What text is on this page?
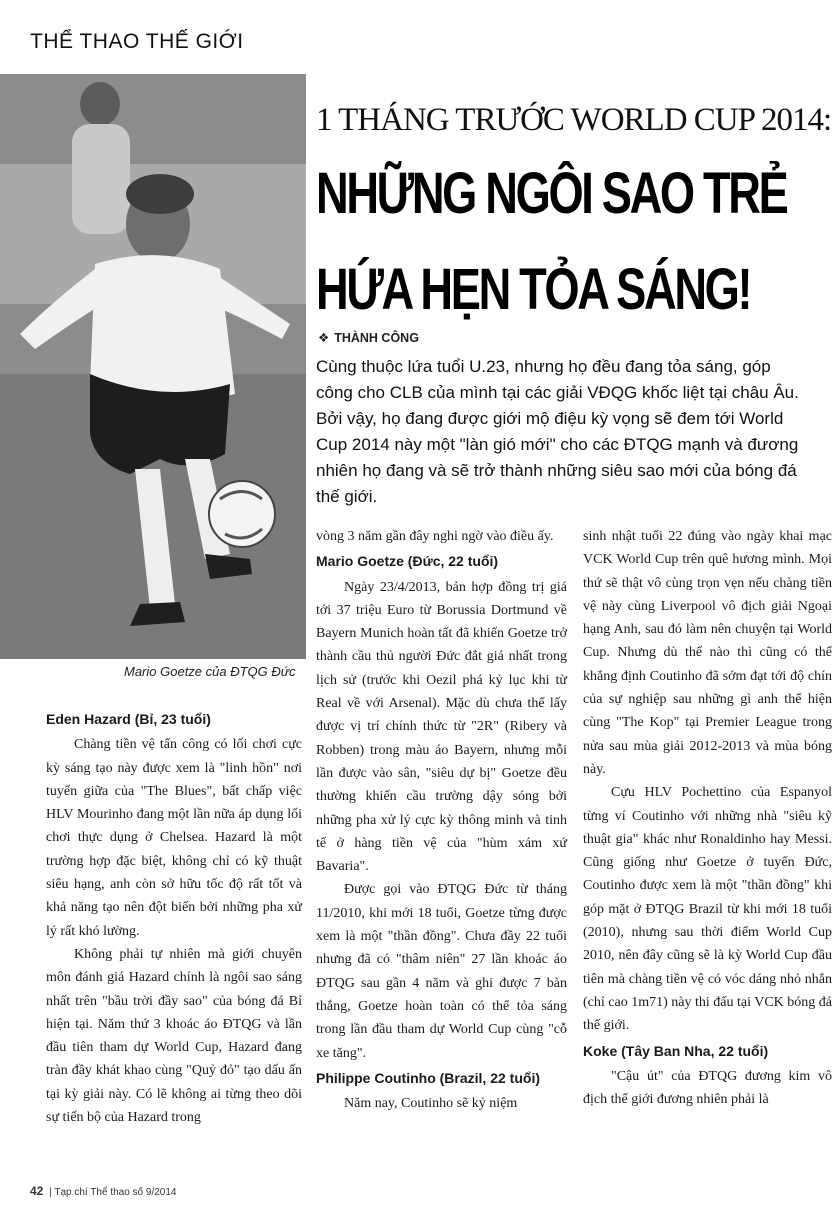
THỂ THAO THẾ GIỚI
Mario Goetze của ĐTQG Đức
1 THÁNG TRƯỚC WORLD CUP 2014:
NHỮNG NGÔI SAO TRẺ
HỨA HẸN TỎA SÁNG!
❖ THÀNH CÔNG
Cùng thuộc lứa tuổi U.23, nhưng họ đều đang tỏa sáng, góp công cho CLB của mình tại các giải VĐQG khốc liệt tại châu Âu. Bởi vậy, họ đang được giới mộ điệu kỳ vọng sẽ đem tới World Cup 2014 này một "làn gió mới" cho các ĐTQG mạnh và đương nhiên họ đang và sẽ trở thành những siêu sao mới của bóng đá thế giới.

Eden Hazard (Bỉ, 23 tuổi)

Chàng tiền vệ tấn công có lối chơi cực kỳ sáng tạo này được xem là "linh hồn" nơi tuyến giữa của "The Blues", bất chấp việc HLV Mourinho đang một lần nữa áp dụng lối chơi thực dụng ở Chelsea. Hazard là một trường hợp đặc biệt, không chỉ có kỹ thuật siêu hạng, anh còn sở hữu tốc độ rất tốt và khả năng tạo nên đột biến bởi những pha xử lý rất khó lường.

Không phải tự nhiên mà giới chuyên môn đánh giá Hazard chính là ngôi sao sáng nhất trên "bầu trời đầy sao" của bóng đá Bỉ hiện tại. Năm thứ 3 khoác áo ĐTQG và lần đầu tiên tham dự World Cup, Hazard đang tràn đầy khát khao cùng "Quỷ đỏ" tạo dấu ấn tại kỳ giải này. Có lẽ không ai từng theo dõi sự tiến bộ của Hazard trong

vòng 3 năm gần đây nghi ngờ vào điều ấy.

Mario Goetze (Đức, 22 tuổi)

Ngày 23/4/2013, bản hợp đồng trị giá tới 37 triệu Euro từ Borussia Dortmund về Bayern Munich hoàn tất đã khiến Goetze trở thành cầu thủ người Đức đắt giá nhất trong lịch sử (trước khi Oezil phá kỷ lục khi từ Real về với Arsenal). Mặc dù chưa thể lấy được vị trí chính thức từ "2R" (Ribery và Robben) trong màu áo Bayern, nhưng mỗi lần được vào sân, "siêu dự bị" Goetze đều thường khiến cầu trường dậy sóng bởi những pha xử lý cực kỳ thông minh và tinh tế ở hàng tiền vệ của "hùm xám xứ Bavaria".

Được gọi vào ĐTQG Đức từ tháng 11/2010, khi mới 18 tuổi, Goetze từng được xem là một "thần đồng". Chưa đầy 22 tuổi nhưng đã có "thâm niên" 27 lần khoác áo ĐTQG sau gần 4 năm và ghi được 7 bàn thắng, Goetze hoàn toàn có thể tỏa sáng trong lần đầu tham dự World Cup cùng "cỗ xe tăng".

Philippe Coutinho (Brazil, 22 tuổi)

Năm nay, Coutinho sẽ kỷ niệm

sinh nhật tuổi 22 đúng vào ngày khai mạc VCK World Cup trên quê hương mình. Mọi thứ sẽ thật vô cùng trọn vẹn nếu chàng tiền vệ này cùng Liverpool vô địch giải Ngoại hạng Anh, sau đó làm nên chuyện tại World Cup. Nhưng dù thế nào thì cũng có thể khẳng định Coutinho đã sớm đạt tới độ chín của sự nghiệp sau những gì anh thể hiện cùng "The Kop" tại Premier League trong nửa sau mùa giải 2012-2013 và mùa bóng này.

Cựu HLV Pochettino của Espanyol từng ví Coutinho với những nhà "siêu kỹ thuật gia" khác như Ronaldinho hay Messi. Cũng giống như Goetze ở tuyển Đức, Coutinho được xem là một "thần đồng" khi góp mặt ở ĐTQG Brazil từ khi mới 18 tuổi (2010), nhưng sau thời điểm World Cup 2010, nên đây cũng sẽ là kỳ World Cup đầu tiên mà chàng tiền vệ có vóc dáng nhỏ nhắn (chỉ cao 1m71) này thi đấu tại VCK bóng đá thế giới.

Koke (Tây Ban Nha, 22 tuổi)

"Cậu út" của ĐTQG đương kim vô địch thế giới đương nhiên phải là

42 | Tạp chí Thể thao số 9/2014
